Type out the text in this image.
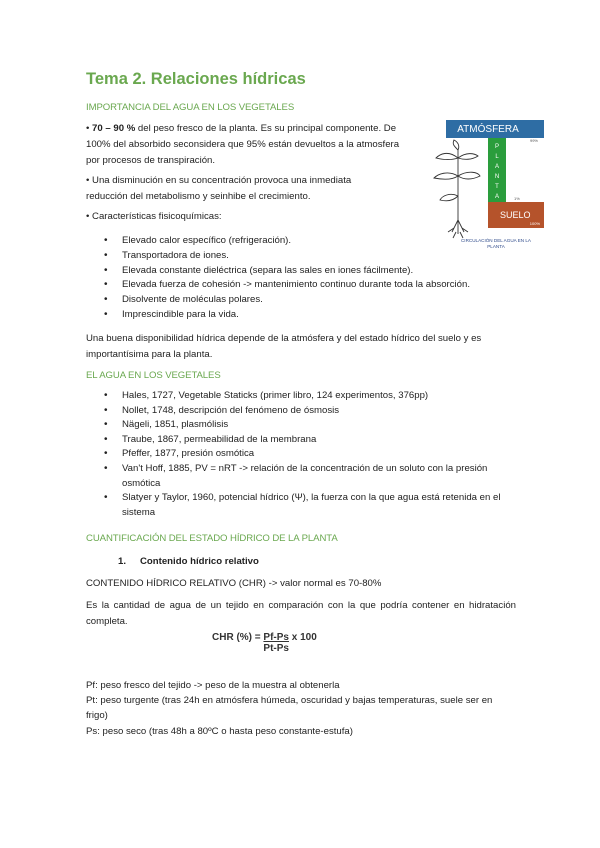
Tema 2. Relaciones hídricas
IMPORTANCIA DEL AGUA EN LOS VEGETALES

• 70 – 90 % del peso fresco de la planta. Es su principal componente. De 100% del absorbido seconsidera que 95% están devueltos a la atmosfera por procesos de transpiración.

• Una disminución en su concentración provoca una inmediata reducción del metabolismo y seinhibe el crecimiento.

• Características fisicoquímicas:

• Elevado calor específico (refrigeración).
• Transportadora de iones.
• Elevada constante dieléctrica (separa las sales en iones fácilmente).
• Elevada fuerza de cohesión -> mantenimiento continuo durante toda la absorción.
• Disolvente de moléculas polares.
• Imprescindible para la vida.

Una buena disponibilidad hídrica depende de la atmósfera y del estado hídrico del suelo y es importantísima para la planta.

EL AGUA EN LOS VEGETALES
• Hales, 1727, Vegetable Staticks (primer libro, 124 experimentos, 376pp)
• Nollet, 1748, descripción del fenómeno de ósmosis
• Nägeli, 1851, plasmólisis
• Traube, 1867, permeabilidad de la membrana
• Pfeffer, 1877, presión osmótica
• Van't Hoff, 1885, PV = nRT -> relación de la concentración de un soluto con la presión osmótica
• Slatyer y Taylor, 1960, potencial hídrico (Ψ), la fuerza con la que agua está retenida en el sistema
CUANTIFICACIÓN DEL ESTADO HÍDRICO DE LA PLANTA
1. Contenido hídrico relativo

CONTENIDO HÍDRICO RELATIVO (CHR) -> valor normal es 70-80%

Es la cantidad de agua de un tejido en comparación con la que podría contener en hidratación completa.

CHR (%) = Pf-Ps x 100
Pt-Ps

Pf: peso fresco del tejido -> peso de la muestra al obtenerla

Pt: peso turgente (tras 24h en atmósfera húmeda, oscuridad y bajas temperaturas, suele ser en frigo)

Ps: peso seco (tras 48h a 80ºC o hasta peso constante-estufa)

ATMÓSFERA
99%
P
L
A
N
T
A	1%
SUELO
100%
CIRCULACIÓN DEL AGUA EN LA
PLANTA
